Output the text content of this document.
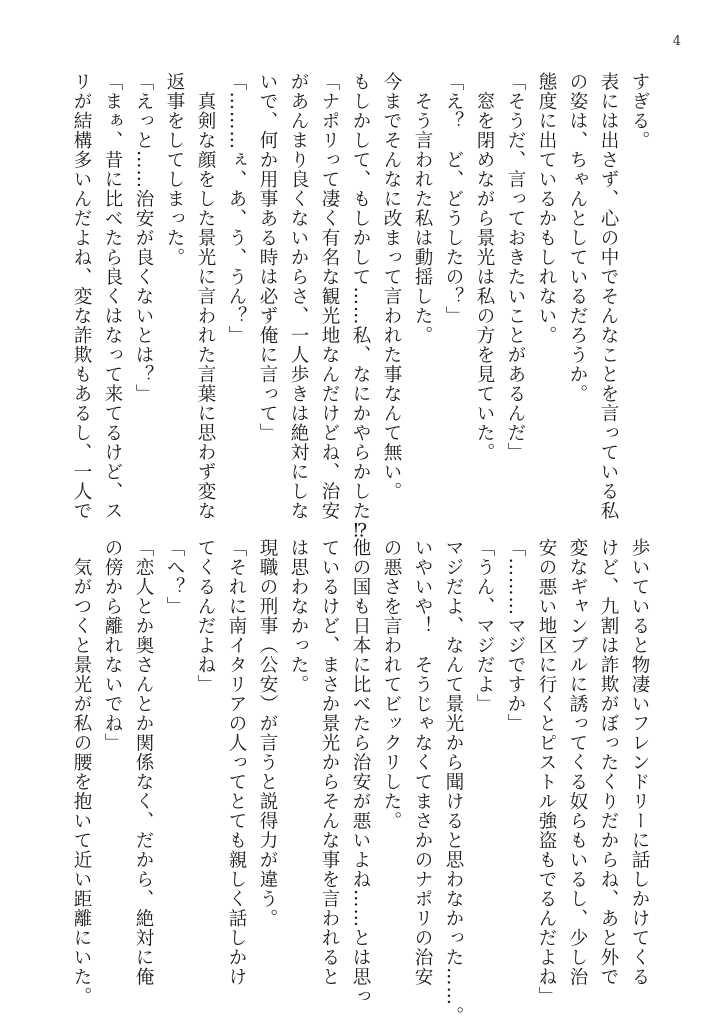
4
すぎる。
表には出さず、心の中でそんなことを言っている私
の姿は、ちゃんとしているだろうか。
態度に出ているかもしれない。
「そうだ、言っておきたいことがあるんだ」
　窓を閉めながら景光は私の方を見ていた。
「え？　ど、どうしたの？」
　そう言われた私は動揺した。
今までそんなに改まって言われた事なんて無い。
もしかして、もしかして……私、なにかやらかした⁉
「ナポリって凄く有名な観光地なんだけどね、治安
があんまり良くないからさ、一人歩きは絶対にしな
いで、何か用事ある時は必ず俺に言って」
「………ぇ、あ、う、うん？」
　真剣な顔をした景光に言われた言葉に思わず変な
返事をしてしまった。
「えっと……治安が良くないとは？」
「まぁ、昔に比べたら良くはなって来てるけど、ス
リが結構多いんだよね、変な詐欺もあるし、一人で
歩いていると物凄いフレンドリーに話しかけてくる
けど、九割は詐欺がぼったくりだからね、あと外で
変なギャンブルに誘ってくる奴らもいるし、少し治
安の悪い地区に行くとピストル強盗もでるんだよね」
「………マジですか」
「うん、マジだよ」
マジだよ、なんて景光から聞けると思わなかった……。
いやいや！　そうじゃなくてまさかのナポリの治安
の悪さを言われてビックリした。
他の国も日本に比べたら治安が悪いよね……とは思っ
ているけど、まさか景光からそんな事を言われると
は思わなかった。
現職の刑事（公安）が言うと説得力が違う。
「それに南イタリアの人ってとても親しく話しかけ
てくるんだよね」
「へ？」
「恋人とか奥さんとか関係なく、だから、絶対に俺
の傍から離れないでね」
　気がつくと景光が私の腰を抱いて近い距離にいた。
